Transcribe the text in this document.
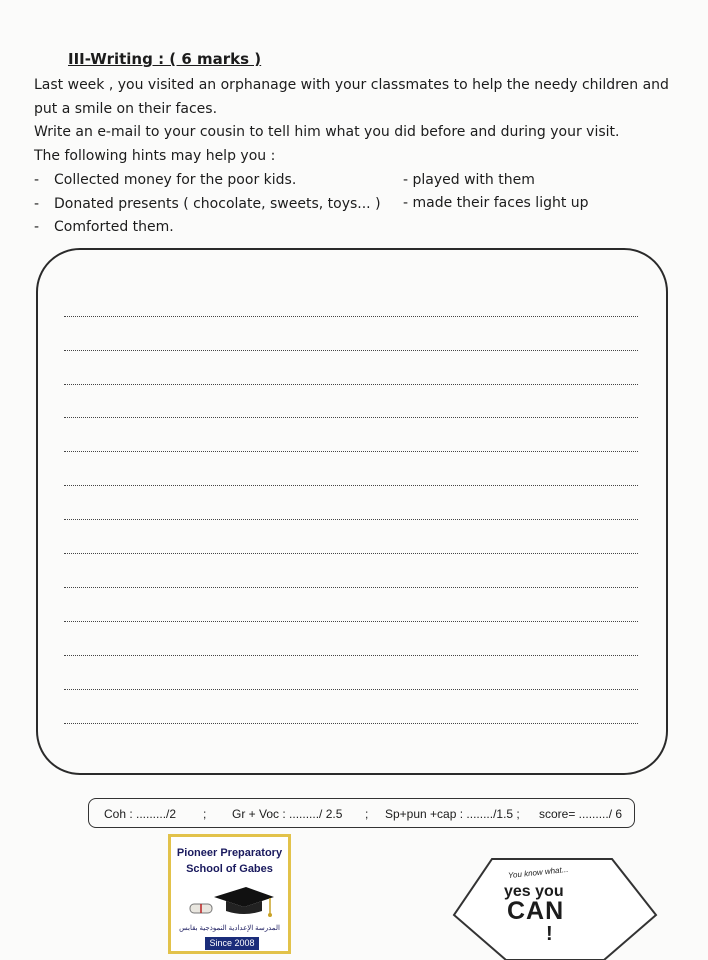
III-Writing : ( 6 marks )
Last week , you visited an orphanage with your classmates to help the needy children and
put a smile on their faces.
Write an e-mail to your cousin to tell him what you did before and during your visit.
The following hints may help you :
- Collected money for the poor kids.
- Donated presents ( chocolate, sweets, toys... )
- Comforted them.
- played with them
- made their faces light up
Coh : ........./2 ; Gr + Voc : ........./ 2.5 ; Sp+pun +cap : ......../1.5 ; score= ........./ 6
Pioneer Preparatory
School of Gabes
المدرسة الإعدادية النموذجية بقابس
Since 2008
You know what...
yes you
CAN
!
